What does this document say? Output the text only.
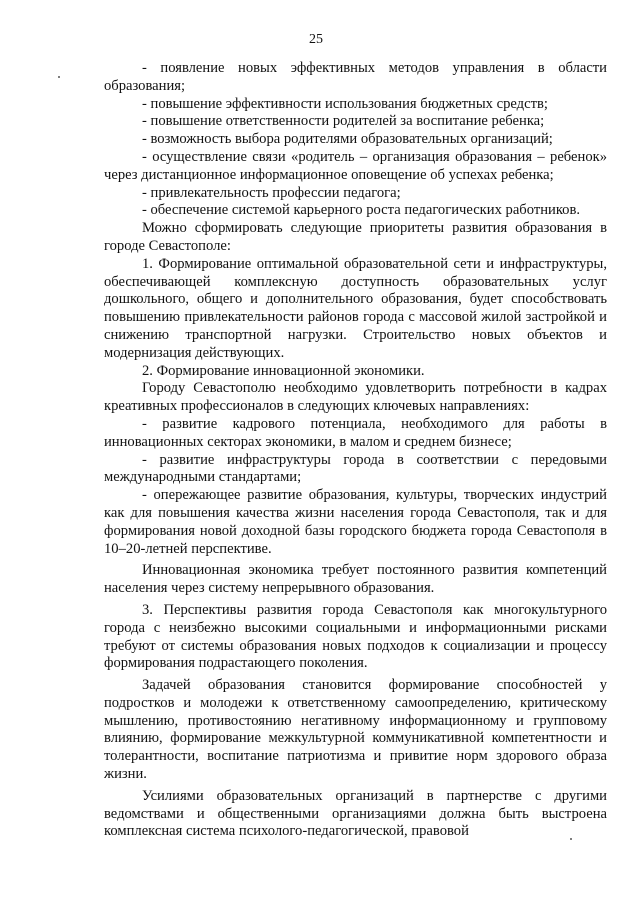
25

- появление новых эффективных методов управления в области образования;

- повышение эффективности использования бюджетных средств;

- повышение ответственности родителей за воспитание ребенка;

- возможность выбора родителями образовательных организаций;

- осуществление связи «родитель – организация образования – ребенок» через дистанционное информационное оповещение об успехах ребенка;

- привлекательность профессии педагога;

- обеспечение системой карьерного роста педагогических работников.

Можно сформировать следующие приоритеты развития образования в городе Севастополе:

1. Формирование оптимальной образовательной сети и инфраструктуры, обеспечивающей комплексную доступность образовательных услуг дошкольного, общего и дополнительного образования, будет способствовать повышению привлекательности районов города с массовой жилой застройкой и снижению транспортной нагрузки. Строительство новых объектов и модернизация действующих.

2. Формирование инновационной экономики.

Городу Севастополю необходимо удовлетворить потребности в кадрах креативных профессионалов в следующих ключевых направлениях:

- развитие кадрового потенциала, необходимого для работы в инновационных секторах экономики, в малом и среднем бизнесе;

- развитие инфраструктуры города в соответствии с передовыми международными стандартами;

- опережающее развитие образования, культуры, творческих индустрий как для повышения качества жизни населения города Севастополя, так и для формирования новой доходной базы городского бюджета города Севастополя в 10–20-летней перспективе.

Инновационная экономика требует постоянного развития компетенций населения через систему непрерывного образования.

3. Перспективы развития города Севастополя как многокультурного города с неизбежно высокими социальными и информационными рисками требуют от системы образования новых подходов к социализации и процессу формирования подрастающего поколения.

Задачей образования становится формирование способностей у подростков и молодежи к ответственному самоопределению, критическому мышлению, противостоянию негативному информационному и групповому влиянию, формирование межкультурной коммуникативной компетентности и толерантности, воспитание патриотизма и привитие норм здорового образа жизни.

Усилиями образовательных организаций в партнерстве с другими ведомствами и общественными организациями должна быть выстроена комплексная система психолого-педагогической, правовой
